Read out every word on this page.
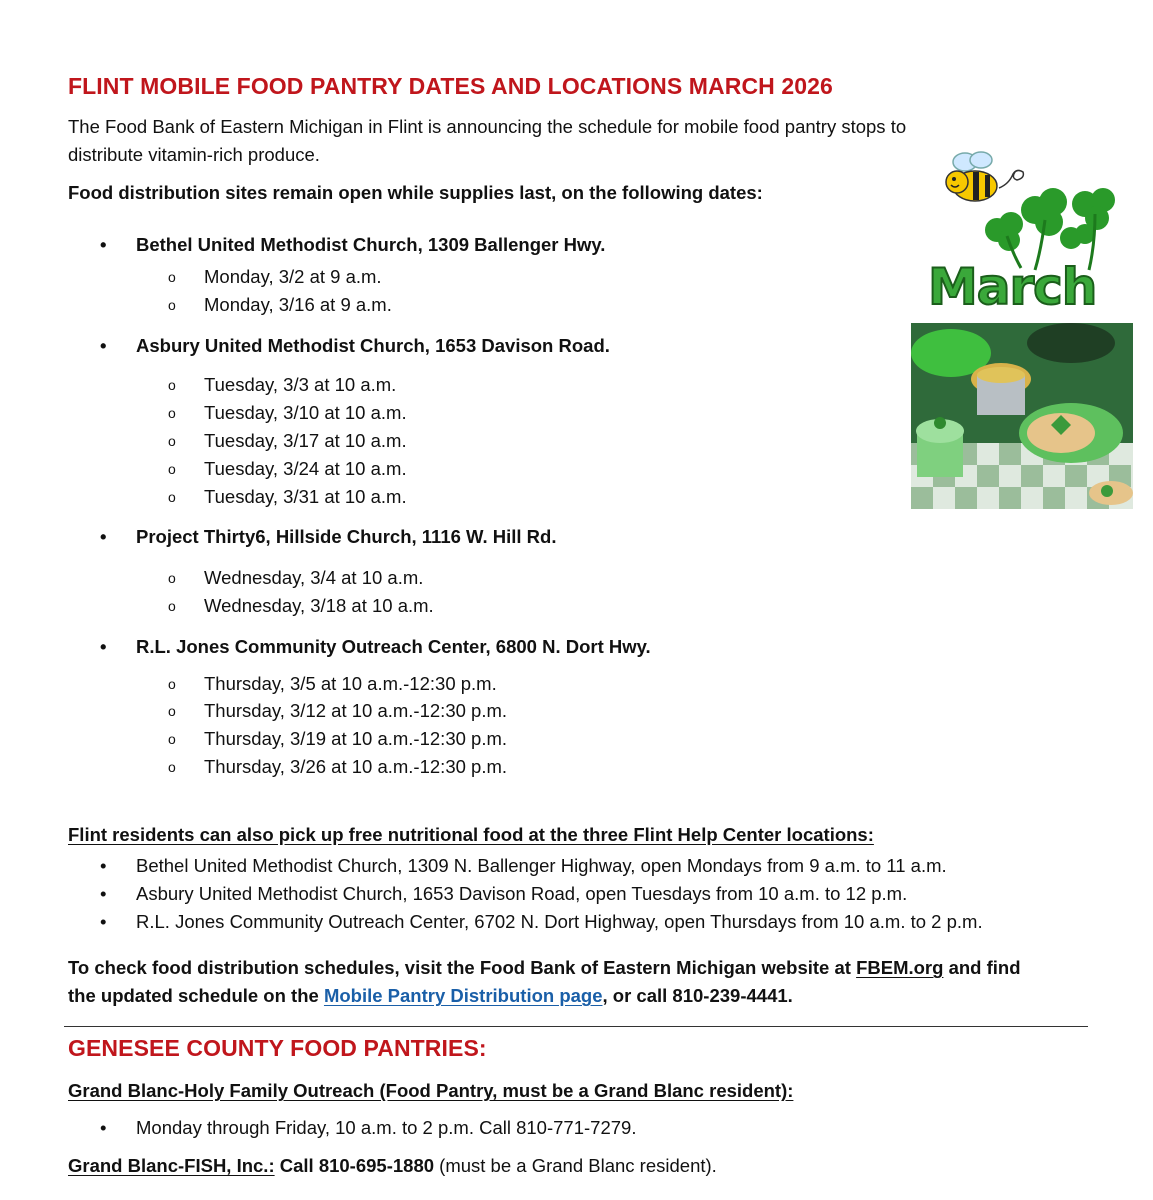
FLINT MOBILE FOOD PANTRY DATES AND LOCATIONS MARCH 2026
The Food Bank of Eastern Michigan in Flint is announcing the schedule for mobile food pantry stops to
distribute vitamin-rich produce.
Food distribution sites remain open while supplies last, on the following dates:
• Bethel United Methodist Church, 1309 Ballenger Hwy.
o Monday, 3/2 at 9 a.m.
o Monday, 3/16 at 9 a.m.
• Asbury United Methodist Church, 1653 Davison Road.
o Tuesday, 3/3 at 10 a.m.
o Tuesday, 3/10 at 10 a.m.
o Tuesday, 3/17 at 10 a.m.
o Tuesday, 3/24 at 10 a.m.
o Tuesday, 3/31 at 10 a.m.
• Project Thirty6, Hillside Church, 1116 W. Hill Rd.
o Wednesday, 3/4 at 10 a.m.
o Wednesday, 3/18 at 10 a.m.
• R.L. Jones Community Outreach Center, 6800 N. Dort Hwy.
o Thursday, 3/5 at 10 a.m.-12:30 p.m.
o Thursday, 3/12 at 10 a.m.-12:30 p.m.
o Thursday, 3/19 at 10 a.m.-12:30 p.m.
o Thursday, 3/26 at 10 a.m.-12:30 p.m.
Flint residents can also pick up free nutritional food at the three Flint Help Center locations:
• Bethel United Methodist Church, 1309 N. Ballenger Highway, open Mondays from 9 a.m. to 11 a.m.
• Asbury United Methodist Church, 1653 Davison Road, open Tuesdays from 10 a.m. to 12 p.m.
• R.L. Jones Community Outreach Center, 6702 N. Dort Highway, open Thursdays from 10 a.m. to 2 p.m.
To check food distribution schedules, visit the Food Bank of Eastern Michigan website at FBEM.org and find
the updated schedule on the Mobile Pantry Distribution page, or call 810-239-4441.
GENESEE COUNTY FOOD PANTRIES:
Grand Blanc-Holy Family Outreach (Food Pantry, must be a Grand Blanc resident):
• Monday through Friday, 10 a.m. to 2 p.m. Call 810-771-7279.
Grand Blanc-FISH, Inc.: Call 810-695-1880 (must be a Grand Blanc resident).
March
